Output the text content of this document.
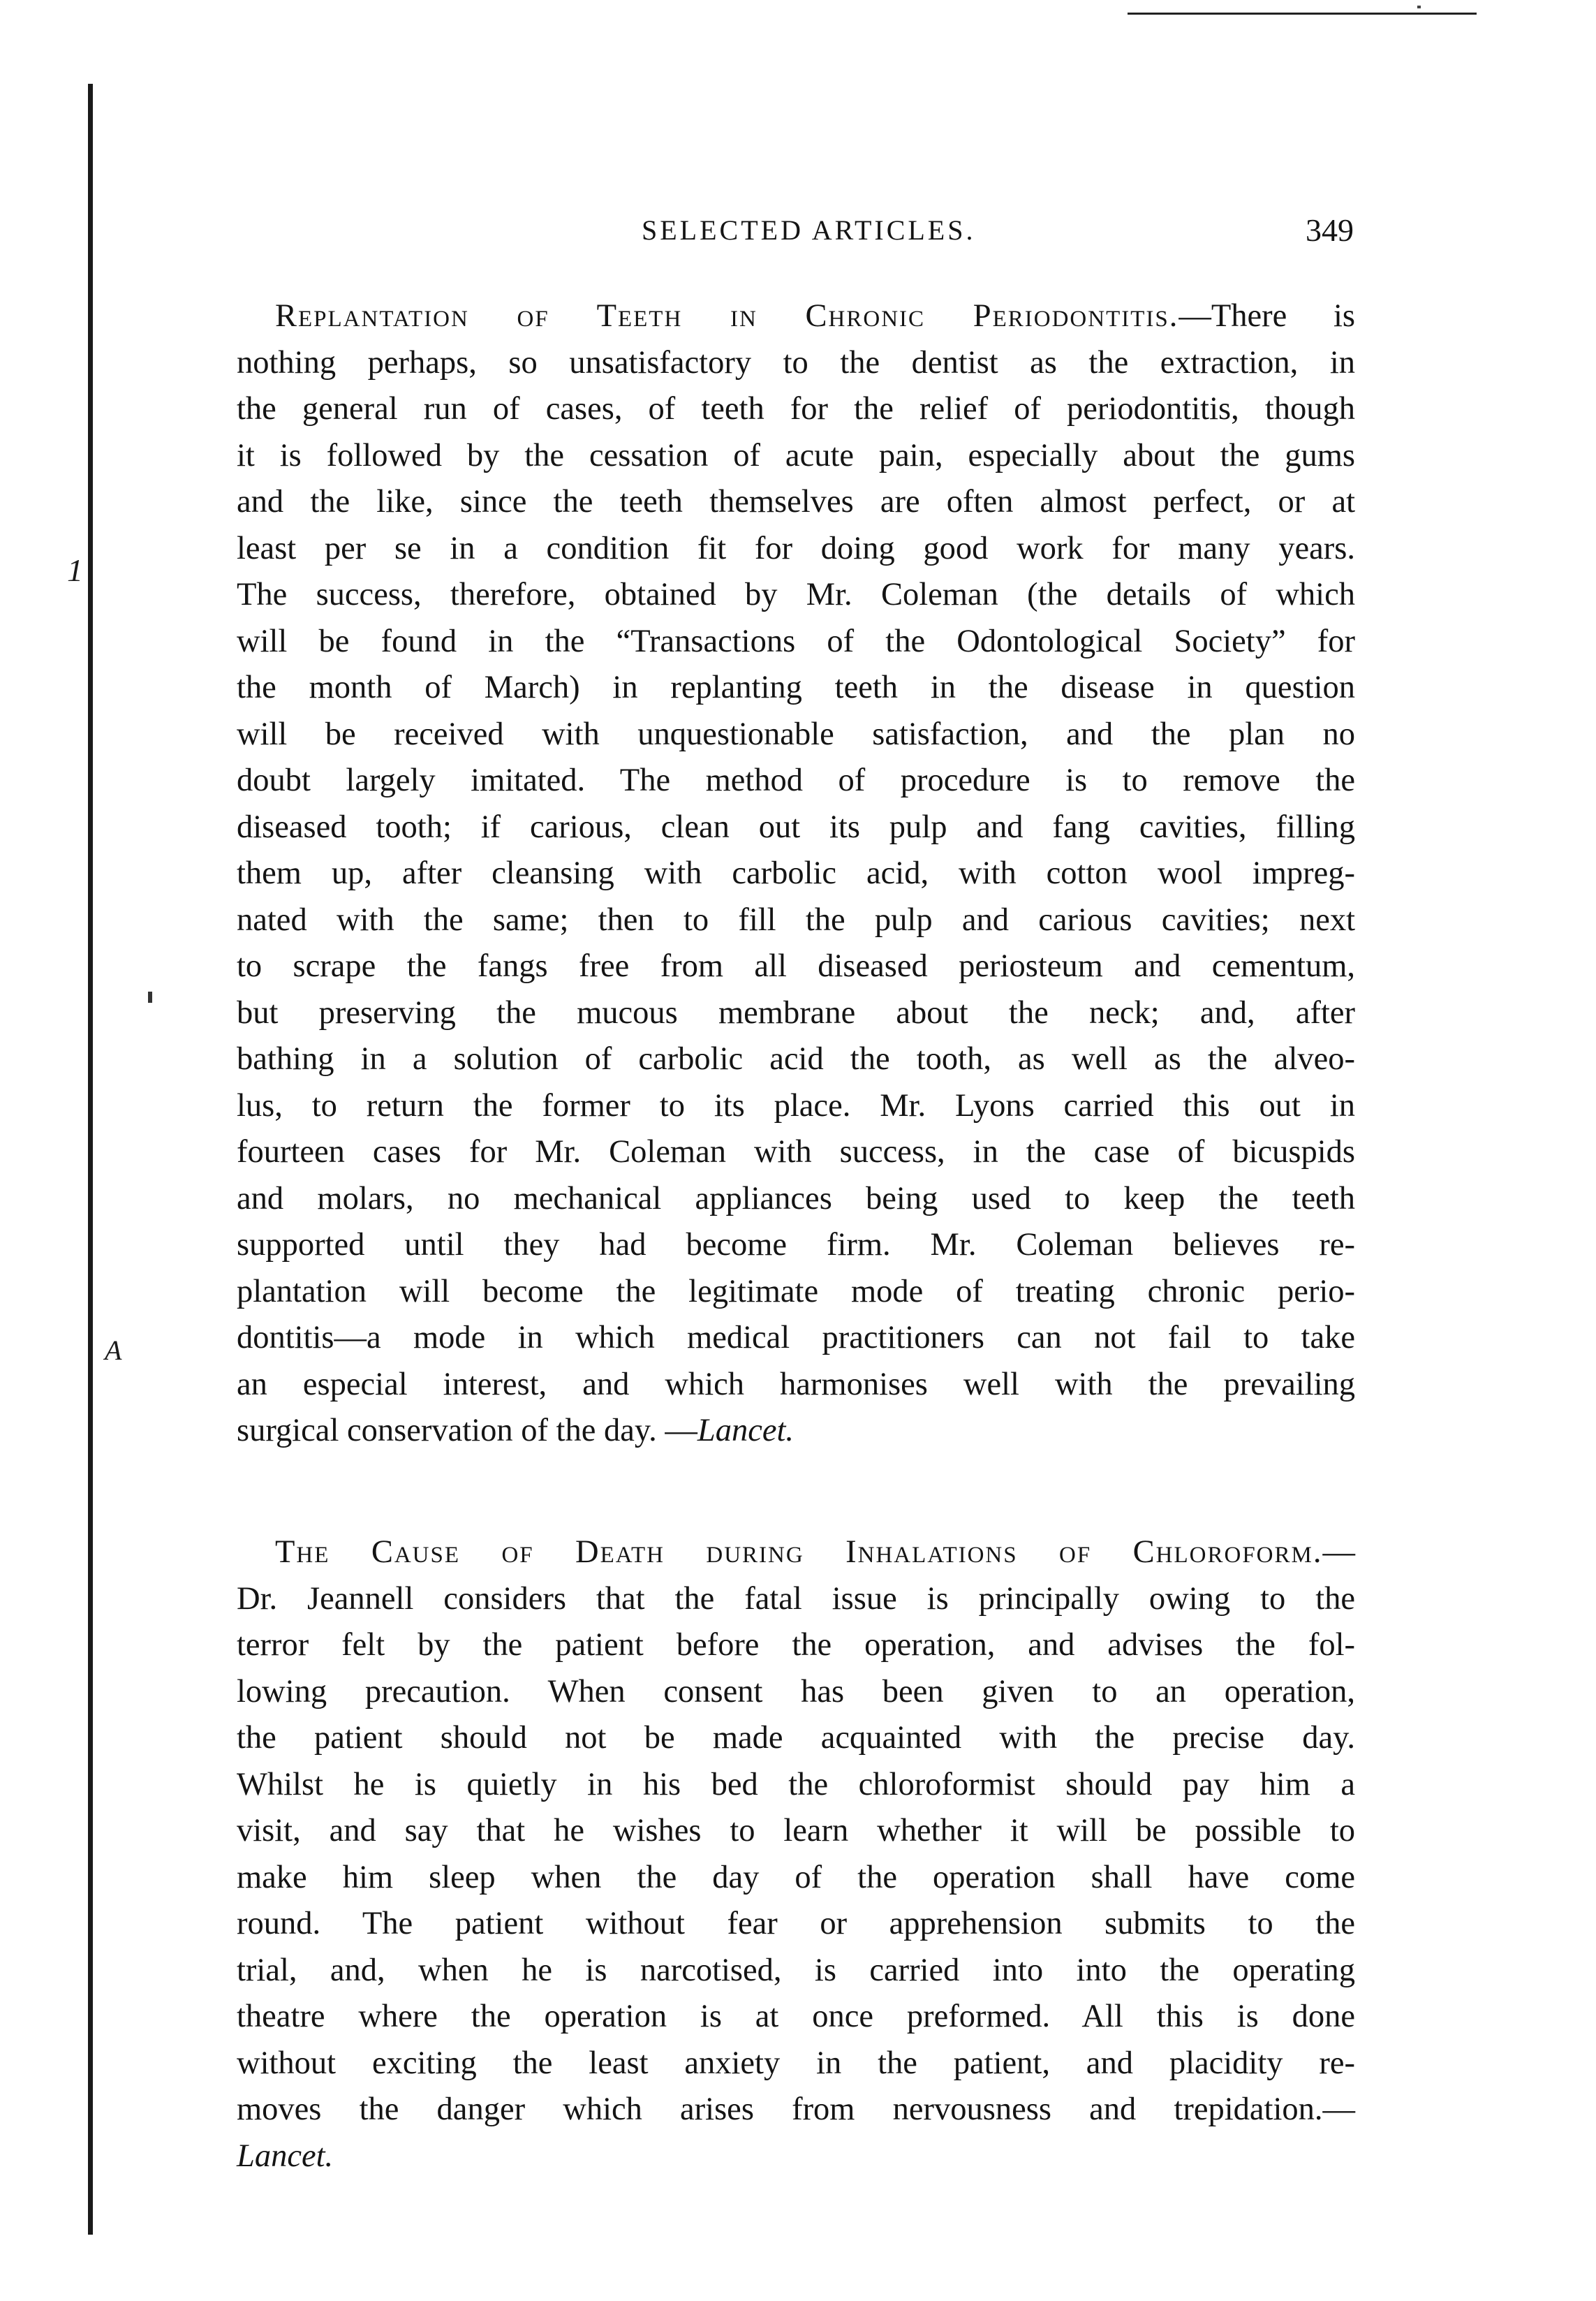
1
A
SELECTED ARTICLES.	349
Replantation of Teeth in Chronic Periodontitis.—There is
nothing perhaps, so unsatisfactory to the dentist as the extraction, in
the general run of cases, of teeth for the relief of periodontitis, though
it is followed by the cessation of acute pain, especially about the gums
and the like, since the teeth themselves are often almost perfect, or at
least per se in a condition fit for doing good work for many years.
The success, therefore, obtained by Mr. Coleman (the details of which
will be found in the “Transactions of the Odontological Society” for
the month of March) in replanting teeth in the disease in question
will be received with unquestionable satisfaction, and the plan no
doubt largely imitated. The method of procedure is to remove the
diseased tooth; if carious, clean out its pulp and fang cavities, filling
them up, after cleansing with carbolic acid, with cotton wool impreg-
nated with the same; then to fill the pulp and carious cavities; next
to scrape the fangs free from all diseased periosteum and cementum,
but preserving the mucous membrane about the neck; and, after
bathing in a solution of carbolic acid the tooth, as well as the alveo-
lus, to return the former to its place. Mr. Lyons carried this out in
fourteen cases for Mr. Coleman with success, in the case of bicuspids
and molars, no mechanical appliances being used to keep the teeth
supported until they had become firm. Mr. Coleman believes re-
plantation will become the legitimate mode of treating chronic perio-
dontitis—a mode in which medical practitioners can not fail to take
an especial interest, and which harmonises well with the prevailing
surgical conservation of the day. —Lancet.
The Cause of Death during Inhalations of Chloroform.—
Dr. Jeannell considers that the fatal issue is principally owing to the
terror felt by the patient before the operation, and advises the fol-
lowing precaution. When consent has been given to an operation,
the patient should not be made acquainted with the precise day.
Whilst he is quietly in his bed the chloroformist should pay him a
visit, and say that he wishes to learn whether it will be possible to
make him sleep when the day of the operation shall have come
round. The patient without fear or apprehension submits to the
trial, and, when he is narcotised, is carried into into the operating
theatre where the operation is at once preformed. All this is done
without exciting the least anxiety in the patient, and placidity re-
moves the danger which arises from nervousness and trepidation.—
Lancet.
